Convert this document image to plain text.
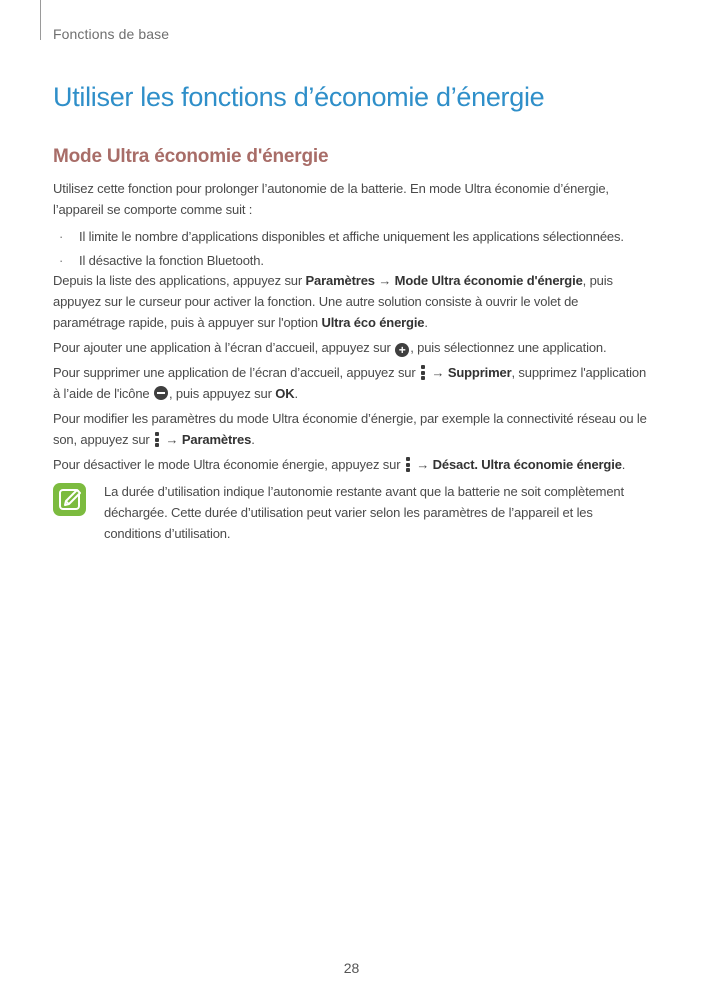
Fonctions de base
Utiliser les fonctions d’économie d’énergie
Mode Ultra économie d'énergie

Utilisez cette fonction pour prolonger l’autonomie de la batterie. En mode Ultra économie d’énergie, l’appareil se comporte comme suit :

· Il limite le nombre d’applications disponibles et affiche uniquement les applications sélectionnées.
· Il désactive la fonction Bluetooth.

Depuis la liste des applications, appuyez sur Paramètres → Mode Ultra économie d'énergie, puis appuyez sur le curseur pour activer la fonction. Une autre solution consiste à ouvrir le volet de paramétrage rapide, puis à appuyer sur l'option Ultra éco énergie.

Pour ajouter une application à l’écran d’accueil, appuyez sur + , puis sélectionnez une application.

Pour supprimer une application de l’écran d’accueil, appuyez sur
→ Supprimer, supprimez l'application à l’aide de l'icône , puis appuyez sur OK.

Pour modifier les paramètres du mode Ultra économie d’énergie, par exemple la connectivité réseau ou le son, appuyez sur
→ Paramètres.

Pour désactiver le mode Ultra économie énergie, appuyez sur
→ Désact. Ultra économie énergie.

La durée d’utilisation indique l’autonomie restante avant que la batterie ne soit complètement déchargée. Cette durée d’utilisation peut varier selon les paramètres de l’appareil et les conditions d’utilisation.
28
